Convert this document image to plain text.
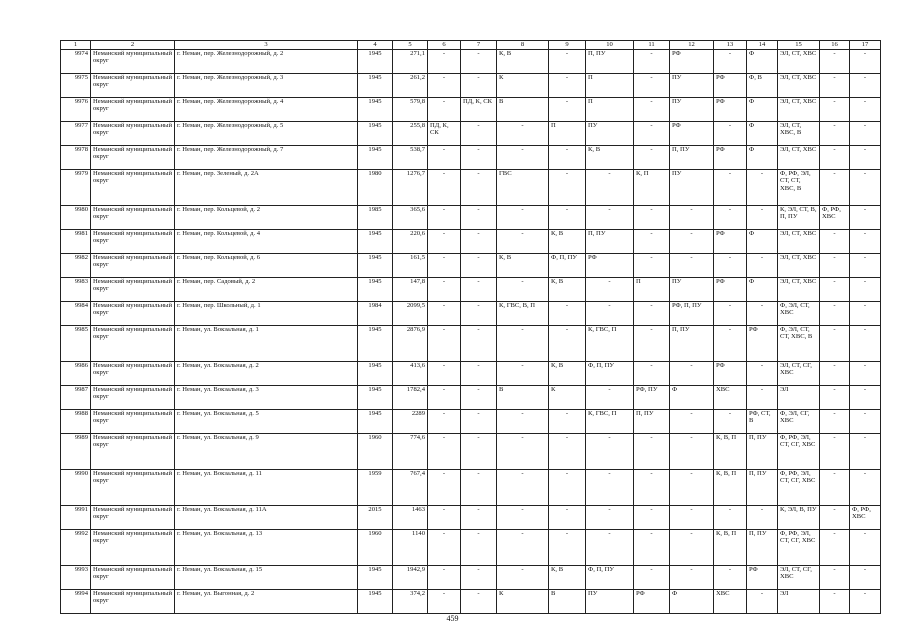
1	2	3	4	5	6	7	8	9	10	11	12	13	14	15	16	17
9974	Неманский муниципальный округ	г. Неман, пер. Железнодорожный, д. 2	1945	271,1	-	-	К, В	-	П, ПУ	-	РФ	-	Ф	ЭЛ, СТ, ХВС	-	-
9975	Неманский муниципальный округ	г. Неман, пер. Железнодорожный, д. 3	1945	261,2	-	-	К	-	П	-	ПУ	РФ	Ф, В	ЭЛ, СТ, ХВС	-	-
9976	Неманский муниципальный округ	г. Неман, пер. Железнодорожный, д. 4	1945	579,8	-	ПД, К, СК	В	-	П	-	ПУ	РФ	Ф	ЭЛ, СТ, ХВС	-	-
9977	Неманский муниципальный округ	г. Неман, пер. Железнодорожный, д. 5	1945	255,8	ПД, К, СК	-	-	П	ПУ	-	РФ	-	Ф	ЭЛ, СТ, ХВС, В	-	-
9978	Неманский муниципальный округ	г. Неман, пер. Железнодорожный, д. 7	1945	538,7	-	-	-	-	К, В	-	П, ПУ	РФ	Ф	ЭЛ, СТ, ХВС	-	-
9979	Неманский муниципальный округ	г. Неман, пер. Зеленый, д. 2А	1980	1276,7	-	-	ГВС	-	-	К, П	ПУ	-	-	Ф, РФ, ЭЛ, СТ, СТ, ХВС, В	-	-
9980	Неманский муниципальный округ	г. Неман, пер. Кольцевой, д. 2	1985	365,6	-	-	-	-	-	-	-	-	-	К, ЭЛ, СТ, В, П, ПУ	Ф, РФ, ХВС	-
9981	Неманский муниципальный округ	г. Неман, пер. Кольцевой, д. 4	1945	220,6	-	-	-	К, В	П, ПУ	-	-	РФ	Ф	ЭЛ, СТ, ХВС	-	-
9982	Неманский муниципальный округ	г. Неман, пер. Кольцевой, д. 6	1945	161,5	-	-	К, В	Ф, П, ПУ	РФ	-	-	-	-	ЭЛ, СТ, ХВС	-	-
9983	Неманский муниципальный округ	г. Неман, пер. Садовый, д. 2	1945	147,8	-	-	-	К, В	-	П	ПУ	РФ	Ф	ЭЛ, СТ, ХВС	-	-
9984	Неманский муниципальный округ	г. Неман, пер. Школьный, д. 1	1984	2099,5	-	-	К, ГВС, В, П	-	-	-	РФ, П, ПУ	-	-	Ф, ЭЛ, СТ, ХВС	-	-
9985	Неманский муниципальный округ	г. Неман, ул. Вокзальная, д. 1	1945	2876,9	-	-	-	-	К, ГВС, П	-	П, ПУ	-	РФ	Ф, ЭЛ, СТ, СТ, ХВС, В	-	-
9986	Неманский муниципальный округ	г. Неман, ул. Вокзальная, д. 2	1945	413,6	-	-	-	К, В	Ф, П, ПУ	-	-	РФ	-	ЭЛ, СТ, СГ, ХВС	-	-
9987	Неманский муниципальный округ	г. Неман, ул. Вокзальная, д. 3	1945	1782,4	-	-	В	К	-	РФ, ПУ	Ф	ХВС	-	ЭЛ	-	-
9988	Неманский муниципальный округ	г. Неман, ул. Вокзальная, д. 5	1945	2289	-	-	-	-	К, ГВС, П	П, ПУ	-	-	РФ, СТ, В	Ф, ЭЛ, СГ, ХВС	-	-
9989	Неманский муниципальный округ	г. Неман, ул. Вокзальная, д. 9	1960	774,6	-	-	-	-	-	-	-	К, В, П	П, ПУ	Ф, РФ, ЭЛ, СТ, СГ, ХВС	-	-
9990	Неманский муниципальный округ	г. Неман, ул. Вокзальная, д. 11	1959	767,4	-	-	-	-	-	-	-	К, В, П	П, ПУ	Ф, РФ, ЭЛ, СТ, СГ, ХВС	-	-
9991	Неманский муниципальный округ	г. Неман, ул. Вокзальная, д. 11А	2015	1463	-	-	-	-	-	-	-	-	-	К, ЭЛ, В, ПУ	-	Ф, РФ, ХВС
9992	Неманский муниципальный округ	г. Неман, ул. Вокзальная, д. 13	1960	1140	-	-	-	-	-	-	-	К, В, П	П, ПУ	Ф, РФ, ЭЛ, СТ, СГ, ХВС	-	-
9993	Неманский муниципальный округ	г. Неман, ул. Вокзальная, д. 15	1945	1942,9	-	-	-	К, В	Ф, П, ПУ	-	-	-	РФ	ЭЛ, СТ, СГ, ХВС	-	-
9994	Неманский муниципальный округ	г. Неман, ул. Выгонная, д. 2	1945	374,2	-	-	К	В	ПУ	РФ	Ф	ХВС	-	ЭЛ	-	-
459
